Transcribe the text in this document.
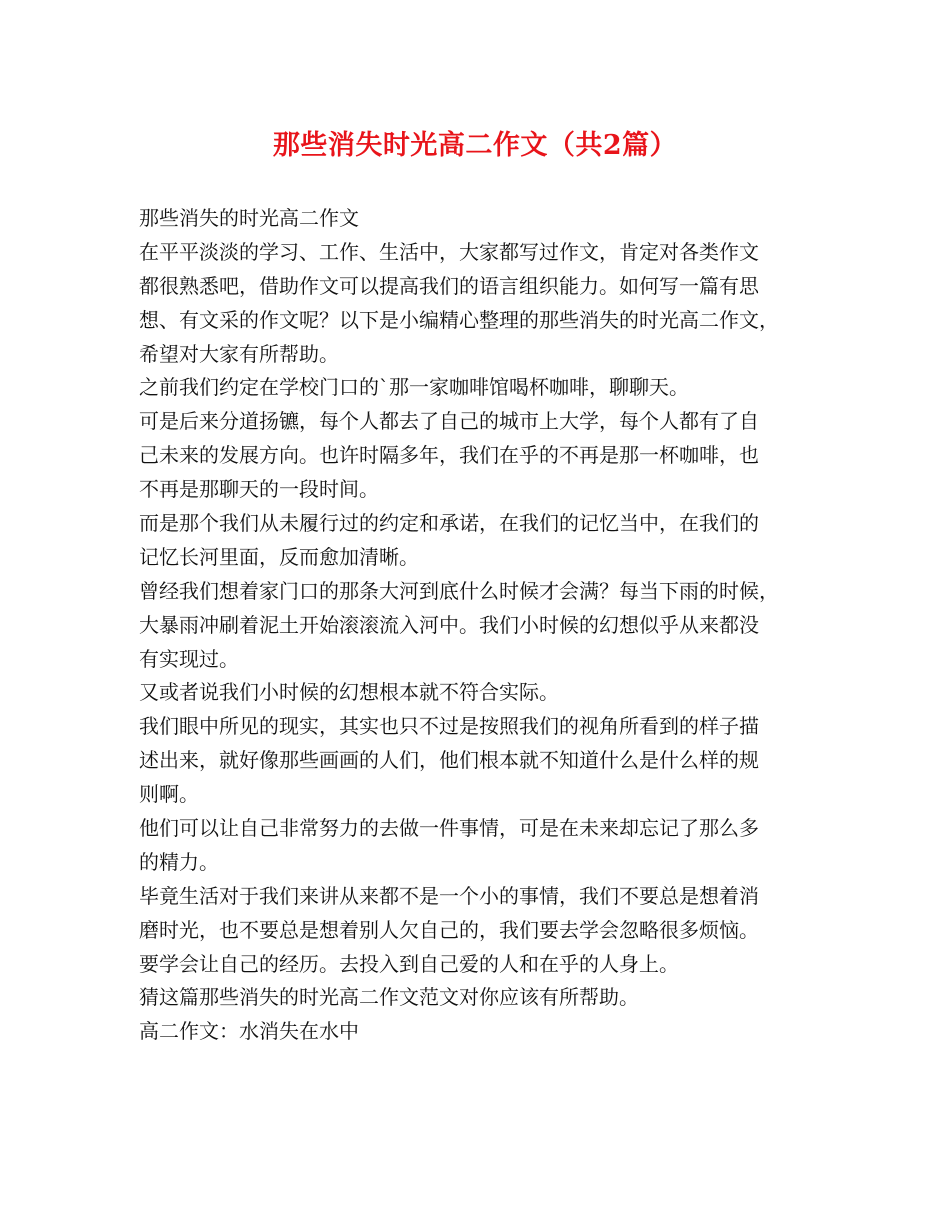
那些消失时光高二作文（共2篇）

那些消失的时光高二作文

在平平淡淡的学习、工作、生活中，大家都写过作文，肯定对各类作文
都很熟悉吧，借助作文可以提高我们的语言组织能力。如何写一篇有思
想、有文采的作文呢？以下是小编精心整理的那些消失的时光高二作文，
希望对大家有所帮助。

之前我们约定在学校门口的`那一家咖啡馆喝杯咖啡，聊聊天。

可是后来分道扬镳，每个人都去了自己的城市上大学，每个人都有了自
己未来的发展方向。也许时隔多年，我们在乎的不再是那一杯咖啡，也
不再是那聊天的一段时间。

而是那个我们从未履行过的约定和承诺，在我们的记忆当中，在我们的
记忆长河里面，反而愈加清晰。

曾经我们想着家门口的那条大河到底什么时候才会满？每当下雨的时候，
大暴雨冲刷着泥土开始滚滚流入河中。我们小时候的幻想似乎从来都没
有实现过。

又或者说我们小时候的幻想根本就不符合实际。

我们眼中所见的现实，其实也只不过是按照我们的视角所看到的样子描
述出来，就好像那些画画的人们，他们根本就不知道什么是什么样的规
则啊。

他们可以让自己非常努力的去做一件事情，可是在未来却忘记了那么多
的精力。

毕竟生活对于我们来讲从来都不是一个小的事情，我们不要总是想着消
磨时光，也不要总是想着别人欠自己的，我们要去学会忽略很多烦恼。

要学会让自己的经历。去投入到自己爱的人和在乎的人身上。

猜这篇那些消失的时光高二作文范文对你应该有所帮助。

高二作文：水消失在水中
